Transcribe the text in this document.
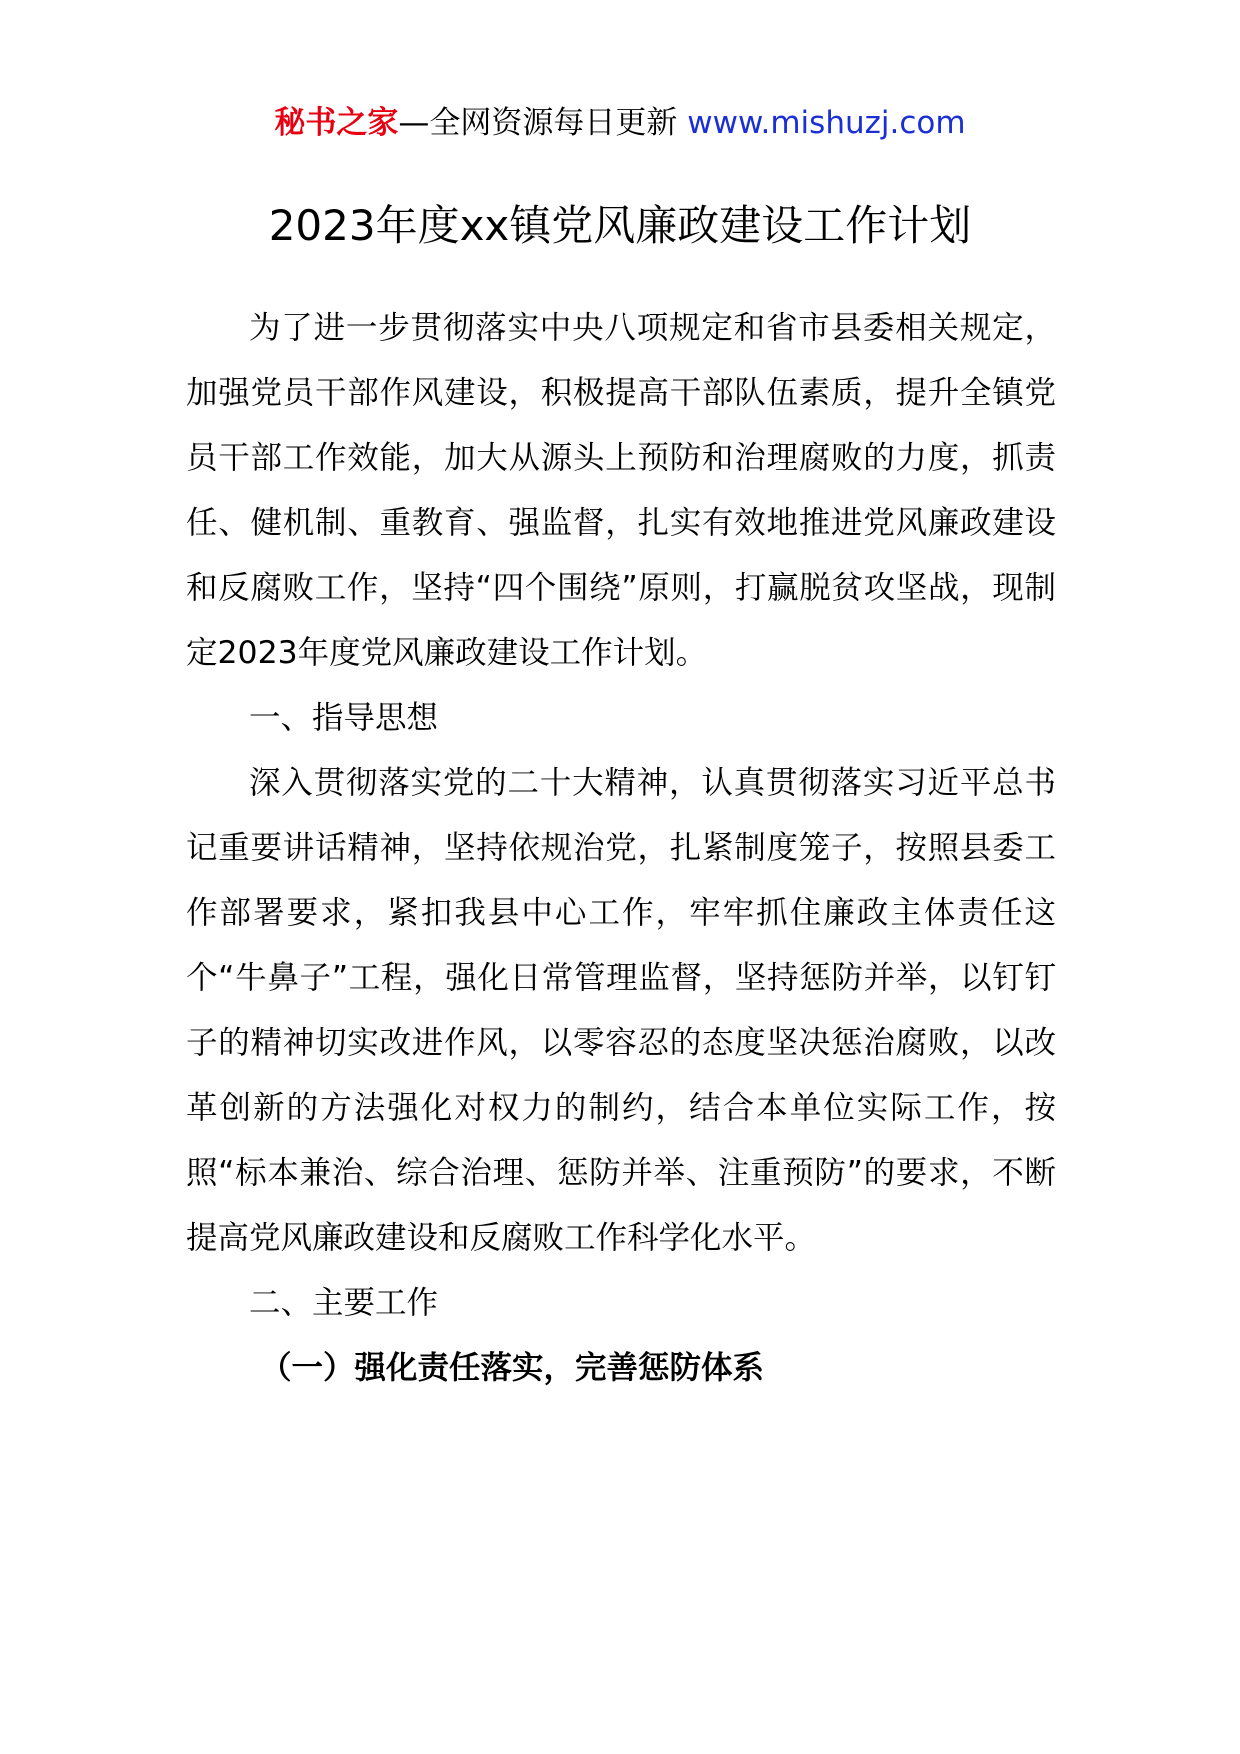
秘书之家—全网资源每日更新 www.mishuzj.com
2023年度xx镇党风廉政建设工作计划

为了进一步贯彻落实中央八项规定和省市县委相关规定，加强党员干部作风建设，积极提高干部队伍素质，提升全镇党员干部工作效能，加大从源头上预防和治理腐败的力度，抓责任、健机制、重教育、强监督，扎实有效地推进党风廉政建设和反腐败工作，坚持“四个围绕”原则，打赢脱贫攻坚战，现制定2023年度党风廉政建设工作计划。

一、指导思想

深入贯彻落实党的二十大精神，认真贯彻落实习近平总书记重要讲话精神，坚持依规治党，扎紧制度笼子，按照县委工作部署要求，紧扣我县中心工作，牢牢抓住廉政主体责任这个“牛鼻子”工程，强化日常管理监督，坚持惩防并举，以钉钉子的精神切实改进作风，以零容忍的态度坚决惩治腐败，以改革创新的方法强化对权力的制约，结合本单位实际工作，按照“标本兼治、综合治理、惩防并举、注重预防”的要求，不断提高党风廉政建设和反腐败工作科学化水平。

二、主要工作

（一）强化责任落实，完善惩防体系
